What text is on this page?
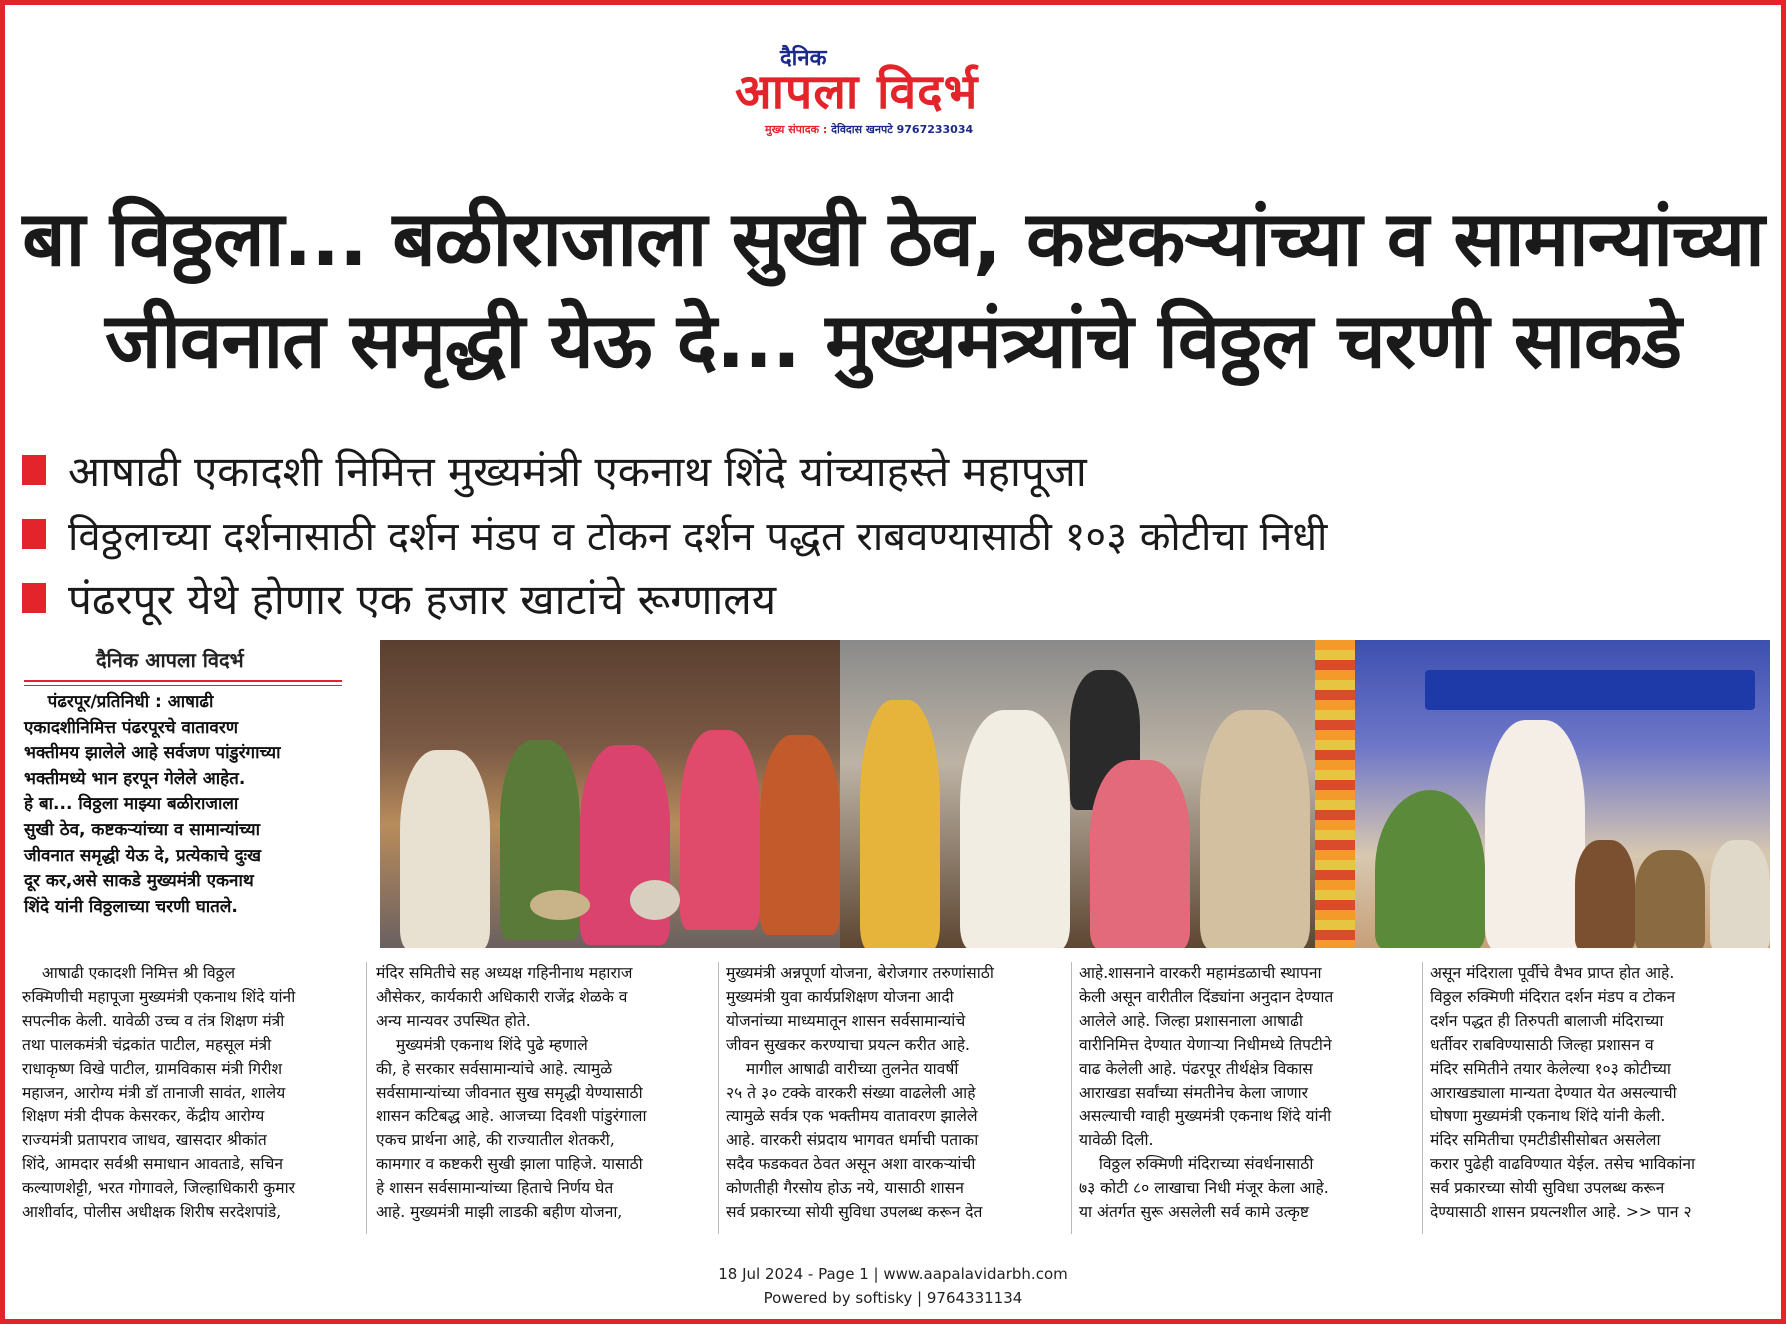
दैनिक
आपला विदर्भ
मुख्य संपादक : देविदास खनपटे 9767233034
बा विठ्ठला... बळीराजाला सुखी ठेव, कष्टकऱ्यांच्या व सामान्यांच्या
जीवनात समृद्धी येऊ दे... मुख्यमंत्र्यांचे विठ्ठल चरणी साकडे
आषाढी एकादशी निमित्त मुख्यमंत्री एकनाथ शिंदे यांच्याहस्ते महापूजा
विठ्ठलाच्या दर्शनासाठी दर्शन मंडप व टोकन दर्शन पद्धत राबवण्यासाठी १०३ कोटीचा निधी
पंढरपूर येथे होणार एक हजार खाटांचे रूग्णालय
दैनिक आपला विदर्भ
पंढरपूर/प्रतिनिधी : आषाढी
एकादशीनिमित्त पंढरपूरचे वातावरण
भक्तीमय झालेले आहे सर्वजण पांडुरंगाच्या
भक्तीमध्ये भान हरपून गेलेले आहेत.
हे बा... विठ्ठला माझ्या बळीराजाला
सुखी ठेव, कष्टकऱ्यांच्या व सामान्यांच्या
जीवनात समृद्धी येऊ दे, प्रत्येकाचे दुःख
दूर कर,असे साकडे मुख्यमंत्री एकनाथ
शिंदे यांनी विठ्ठलाच्या चरणी घातले.
आषाढी एकादशी निमित्त श्री विठ्ठल
रुक्मिणीची महापूजा मुख्यमंत्री एकनाथ शिंदे यांनी
सपत्नीक केली. यावेळी उच्च व तंत्र शिक्षण मंत्री
तथा पालकमंत्री चंद्रकांत पाटील, महसूल मंत्री
राधाकृष्ण विखे पाटील, ग्रामविकास मंत्री गिरीश
महाजन, आरोग्य मंत्री डॉ तानाजी सावंत, शालेय
शिक्षण मंत्री दीपक केसरकर, केंद्रीय आरोग्य
राज्यमंत्री प्रतापराव जाधव, खासदार श्रीकांत
शिंदे, आमदार सर्वश्री समाधान आवताडे, सचिन
कल्याणशेट्टी, भरत गोगावले, जिल्हाधिकारी कुमार
आशीर्वाद, पोलीस अधीक्षक शिरीष सरदेशपांडे,
मंदिर समितीचे सह अध्यक्ष गहिनीनाथ महाराज
औसेकर, कार्यकारी अधिकारी राजेंद्र शेळके व
अन्य मान्यवर उपस्थित होते.
मुख्यमंत्री एकनाथ शिंदे पुढे म्हणाले
की, हे सरकार सर्वसामान्यांचे आहे. त्यामुळे
सर्वसामान्यांच्या जीवनात सुख समृद्धी येण्यासाठी
शासन कटिबद्ध आहे. आजच्या दिवशी पांडुरंगाला
एकच प्रार्थना आहे, की राज्यातील शेतकरी,
कामगार व कष्टकरी सुखी झाला पाहिजे. यासाठी
हे शासन सर्वसामान्यांच्या हिताचे निर्णय घेत
आहे. मुख्यमंत्री माझी लाडकी बहीण योजना,
मुख्यमंत्री अन्नपूर्णा योजना, बेरोजगार तरुणांसाठी
मुख्यमंत्री युवा कार्यप्रशिक्षण योजना आदी
योजनांच्या माध्यमातून शासन सर्वसामान्यांचे
जीवन सुखकर करण्याचा प्रयत्न करीत आहे.
मागील आषाढी वारीच्या तुलनेत यावर्षी
२५ ते ३० टक्के वारकरी संख्या वाढलेली आहे
त्यामुळे सर्वत्र एक भक्तीमय वातावरण झालेले
आहे. वारकरी संप्रदाय भागवत धर्माची पताका
सदैव फडकवत ठेवत असून अशा वारकऱ्यांची
कोणतीही गैरसोय होऊ नये, यासाठी शासन
सर्व प्रकारच्या सोयी सुविधा उपलब्ध करून देत
आहे.शासनाने वारकरी महामंडळाची स्थापना
केली असून वारीतील दिंड्यांना अनुदान देण्यात
आलेले आहे. जिल्हा प्रशासनाला आषाढी
वारीनिमित्त देण्यात येणाऱ्या निधीमध्ये तिपटीने
वाढ केलेली आहे. पंढरपूर तीर्थक्षेत्र विकास
आराखडा सर्वांच्या संमतीनेच केला जाणार
असल्याची ग्वाही मुख्यमंत्री एकनाथ शिंदे यांनी
यावेळी दिली.
विठ्ठल रुक्मिणी मंदिराच्या संवर्धनासाठी
७३ कोटी ८० लाखाचा निधी मंजूर केला आहे.
या अंतर्गत सुरू असलेली सर्व कामे उत्कृष्ट
असून मंदिराला पूर्वीचे वैभव प्राप्त होत आहे.
विठ्ठल रुक्मिणी मंदिरात दर्शन मंडप व टोकन
दर्शन पद्धत ही तिरुपती बालाजी मंदिराच्या
धर्तीवर राबविण्यासाठी जिल्हा प्रशासन व
मंदिर समितीने तयार केलेल्या १०३ कोटीच्या
आराखड्याला मान्यता देण्यात येत असल्याची
घोषणा मुख्यमंत्री एकनाथ शिंदे यांनी केली.
मंदिर समितीचा एमटीडीसीसोबत असलेला
करार पुढेही वाढविण्यात येईल. तसेच भाविकांना
सर्व प्रकारच्या सोयी सुविधा उपलब्ध करून
देण्यासाठी शासन प्रयत्नशील आहे. >> पान २
18 Jul 2024 - Page 1 | www.aapalavidarbh.com
Powered by softisky | 9764331134
